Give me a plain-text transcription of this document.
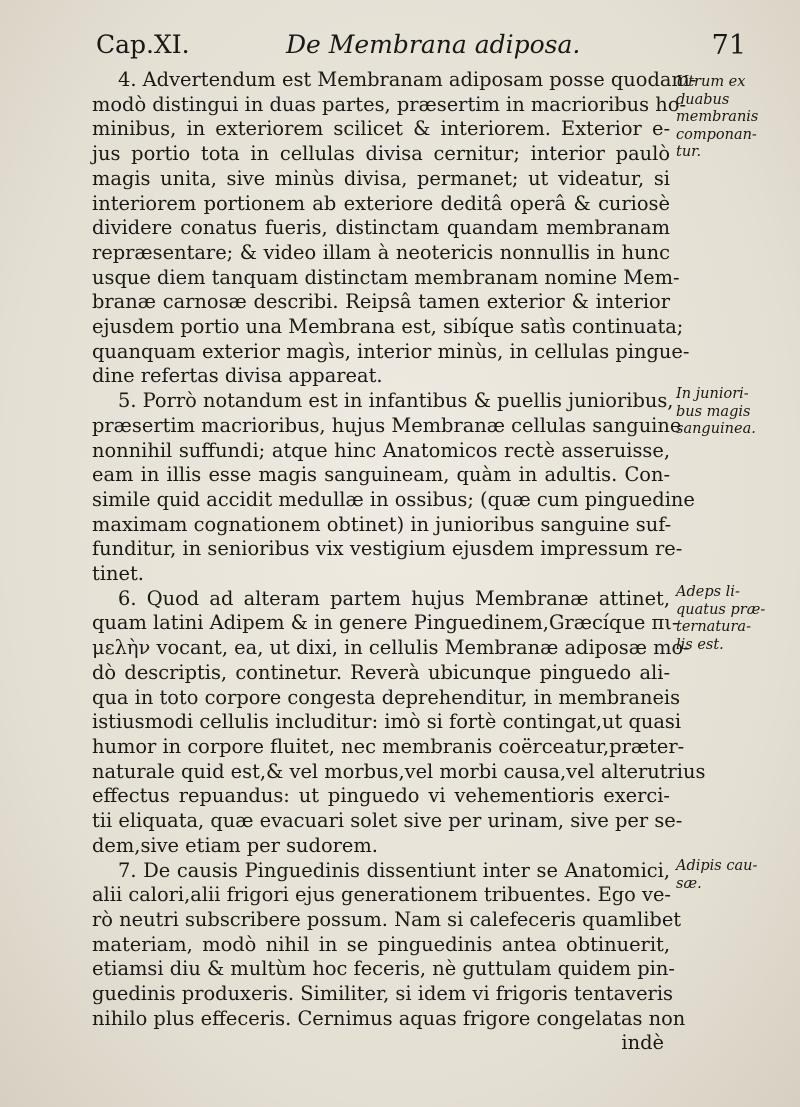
Cap.XI.	De Membrana adiposa.	71
4. Advertendum est Membranam adiposam posse quodam-
modò distingui in duas partes, præsertim in macrioribus ho-
minibus, in exteriorem scilicet & interiorem. Exterior e-
jus portio tota in cellulas divisa cernitur; interior paulò
magis unita, sive minùs divisa, permanet; ut videatur, si
interiorem portionem ab exteriore deditâ operâ & curiosè
dividere conatus fueris, distinctam quandam membranam
repræsentare; & video illam à neotericis nonnullis in hunc
usque diem tanquam distinctam membranam nomine Mem-
branæ carnosæ describi. Reipsâ tamen exterior & interior
ejusdem portio una Membrana est, sibíque satìs continuata;
quanquam exterior magìs, interior minùs, in cellulas pingue-
dine refertas divisa appareat.
5. Porrò notandum est in infantibus & puellis junioribus,
præsertim macrioribus, hujus Membranæ cellulas sanguine
nonnihil suffundi; atque hinc Anatomicos rectè asseruisse,
eam in illis esse magis sanguineam, quàm in adultis. Con-
simile quid accidit medullæ in ossibus; (quæ cum pinguedine
maximam cognationem obtinet) in junioribus sanguine suf-
funditur, in senioribus vix vestigium ejusdem impressum re-
tinet.
6. Quod ad alteram partem hujus Membranæ attinet,
quam latini Adipem & in genere Pinguedinem,Græcíque πι-
μελὴν vocant, ea, ut dixi, in cellulis Membranæ adiposæ mo-
dò descriptis, continetur. Reverà ubicunque pinguedo ali-
qua in toto corpore congesta deprehenditur, in membraneis
istiusmodi cellulis includitur: imò si fortè contingat,ut quasi
humor in corpore fluitet, nec membranis coërceatur,præter-
naturale quid est,& vel morbus,vel morbi causa,vel alterutrius
effectus repuandus: ut pinguedo vi vehementioris exerci-
tii eliquata, quæ evacuari solet sive per urinam, sive per se-
dem,sive etiam per sudorem.
7. De causis Pinguedinis dissentiunt inter se Anatomici,
alii calori,alii frigori ejus generationem tribuentes. Ego ve-
rò neutri subscribere possum. Nam si calefeceris quamlibet
materiam, modò nihil in se pinguedinis antea obtinuerit,
etiamsi diu & multùm hoc feceris, nè guttulam quidem pin-
guedinis produxeris. Similiter, si idem vi frigoris tentaveris
nihilo plus effeceris. Cernimus aquas frigore congelatas non
indè
Utrum ex
duabus
membranis
componan-
tur.
In juniori-
bus magis
sanguinea.
Adeps li-
quatus præ-
ternatura-
lis est.
Adipis cau-
sæ.
